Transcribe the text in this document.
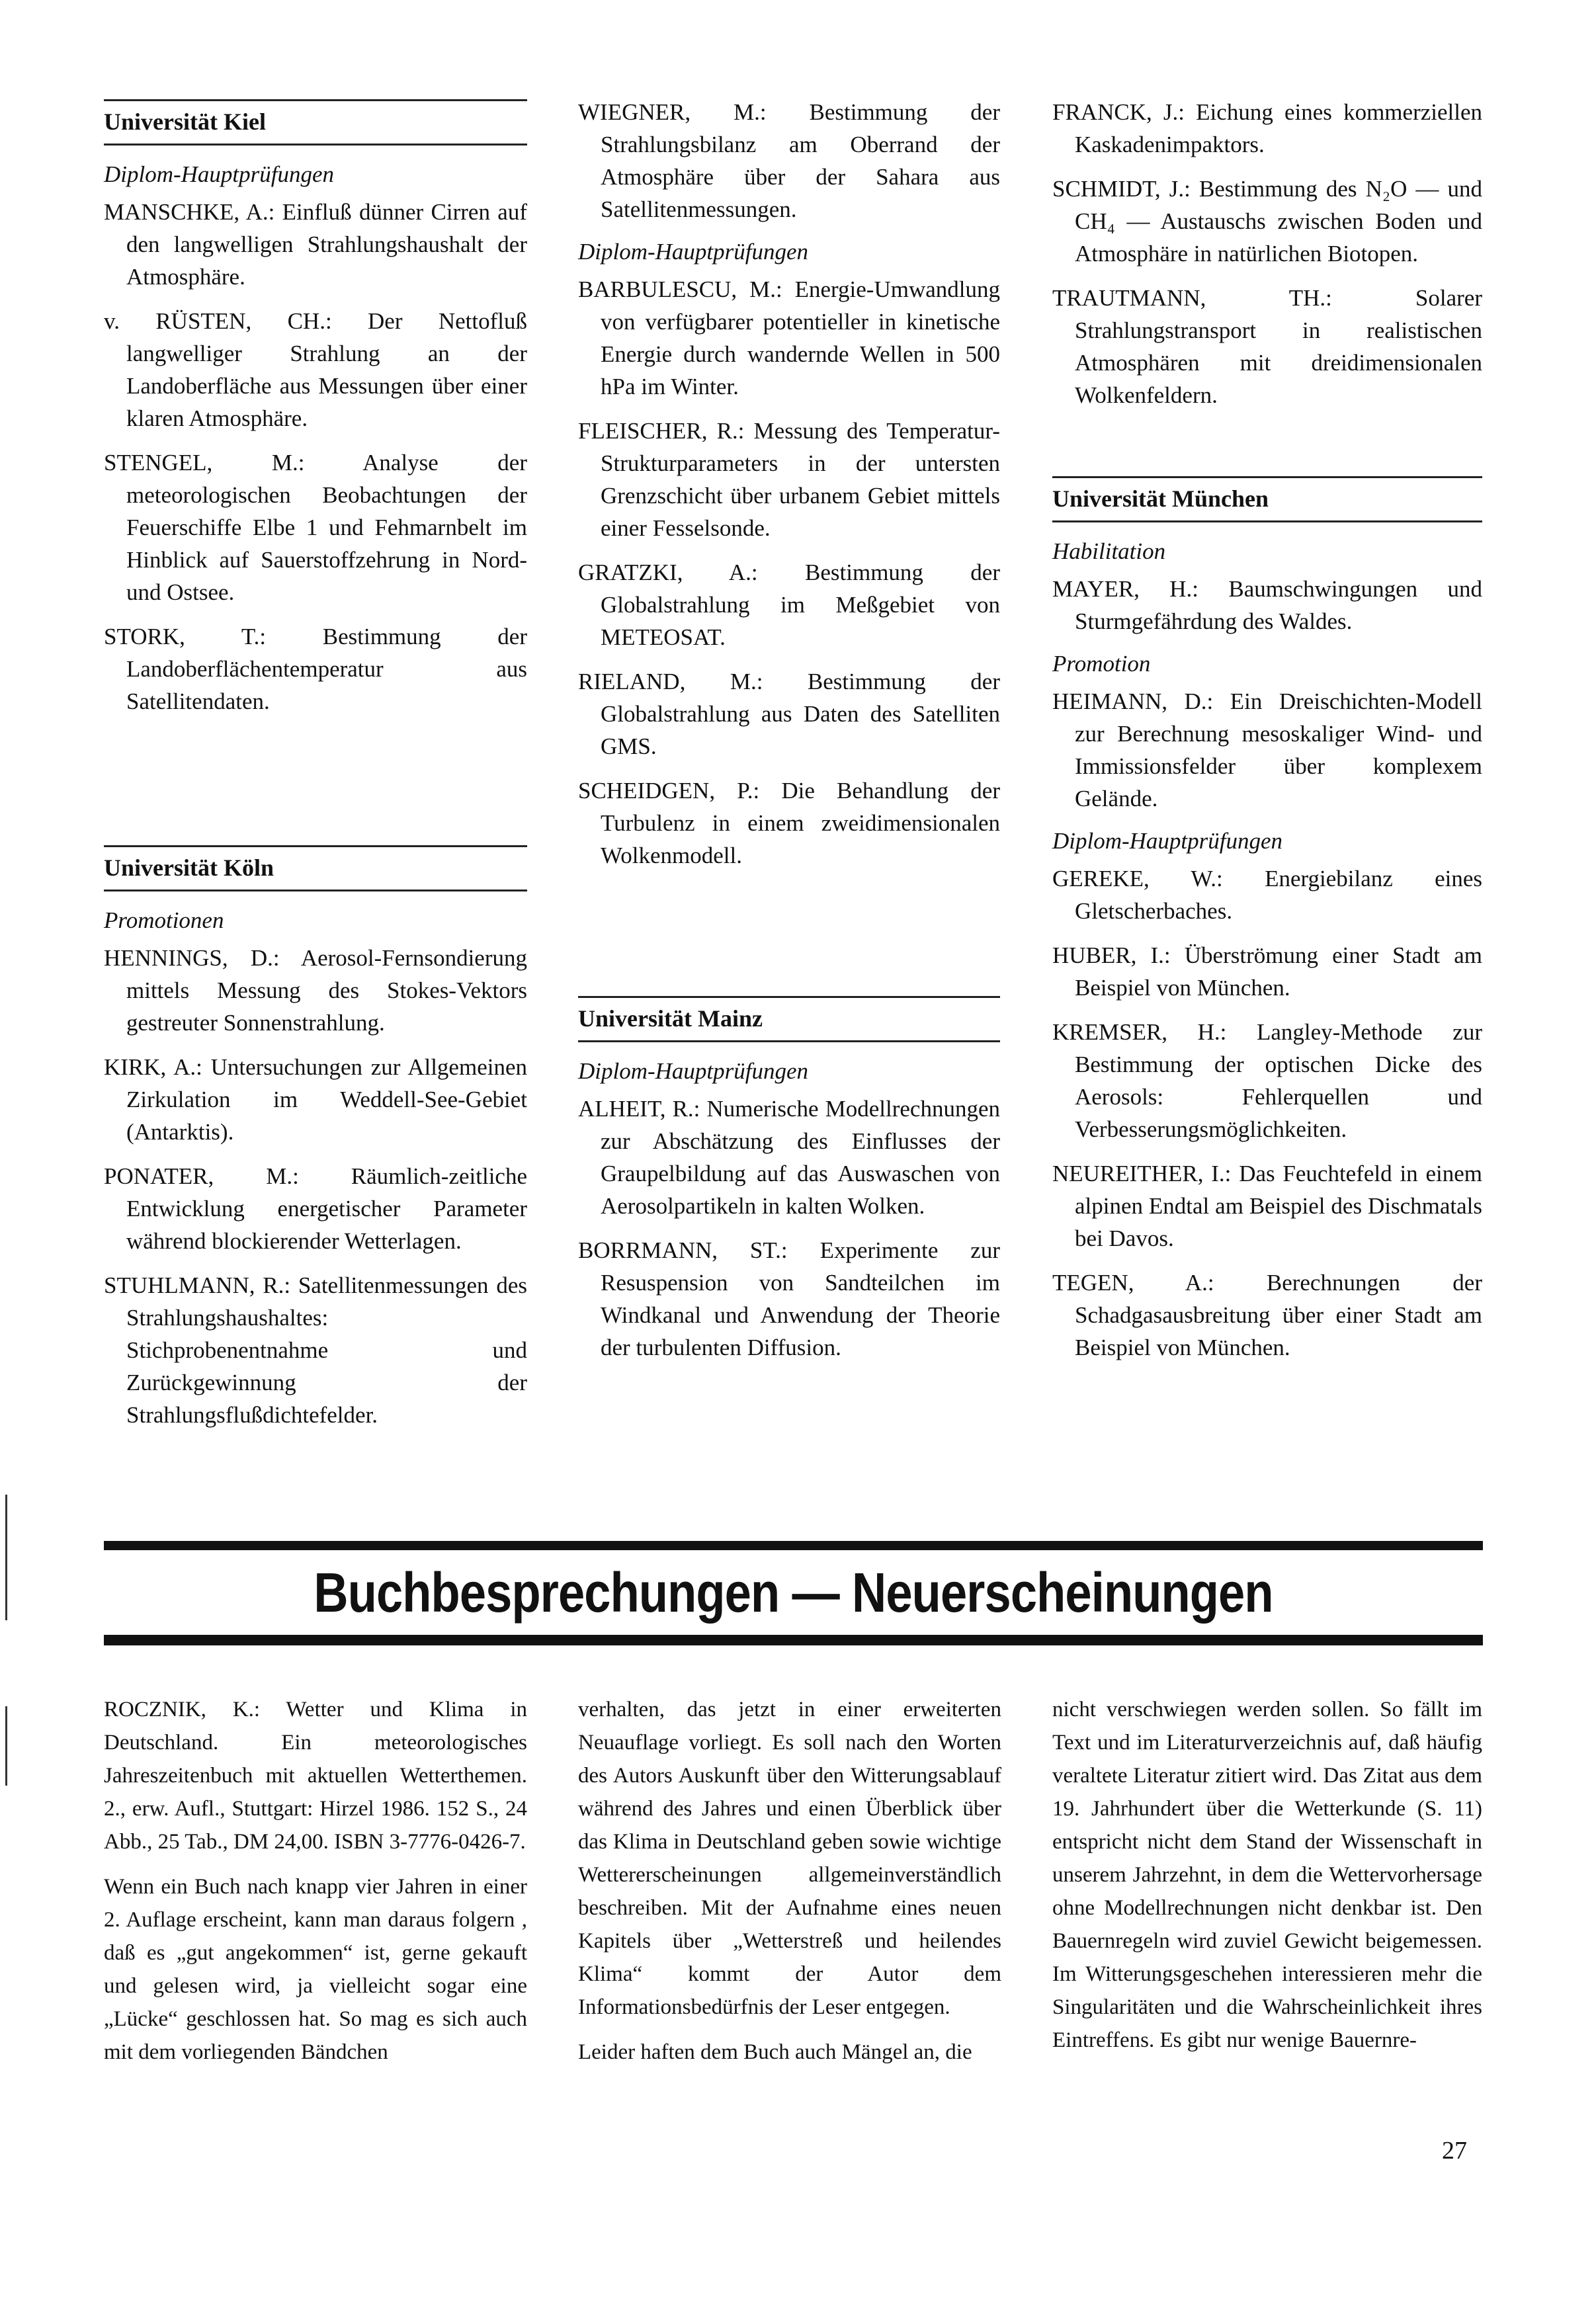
Universität Kiel
Diplom-Hauptprüfungen
MANSCHKE, A.: Einfluß dünner Cirren auf den langwelligen Strahlungshaushalt der Atmosphäre.
v. RÜSTEN, CH.: Der Nettofluß langwelliger Strahlung an der Landoberfläche aus Messungen über einer klaren Atmosphäre.
STENGEL, M.: Analyse der meteorologischen Beobachtungen der Feuerschiffe Elbe 1 und Fehmarnbelt im Hinblick auf Sauerstoffzehrung in Nord- und Ostsee.
STORK, T.: Bestimmung der Landoberflächentemperatur aus Satellitendaten.
Universität Köln
Promotionen
HENNINGS, D.: Aerosol-Fernsondierung mittels Messung des Stokes-Vektors gestreuter Sonnenstrahlung.
KIRK, A.: Untersuchungen zur Allgemeinen Zirkulation im Weddell-See-Gebiet (Antarktis).
PONATER, M.: Räumlich-zeitliche Entwicklung energetischer Parameter während blockierender Wetterlagen.
STUHLMANN, R.: Satellitenmessungen des Strahlungshaushaltes: Stichprobenentnahme und Zurückgewinnung der Strahlungsflußdichtefelder.
WIEGNER, M.: Bestimmung der Strahlungsbilanz am Oberrand der Atmosphäre über der Sahara aus Satellitenmessungen.
Diplom-Hauptprüfungen
BARBULESCU, M.: Energie-Umwandlung von verfügbarer potentieller in kinetische Energie durch wandernde Wellen in 500 hPa im Winter.
FLEISCHER, R.: Messung des Temperatur-Strukturparameters in der untersten Grenzschicht über urbanem Gebiet mittels einer Fesselsonde.
GRATZKI, A.: Bestimmung der Globalstrahlung im Meßgebiet von METEOSAT.
RIELAND, M.: Bestimmung der Globalstrahlung aus Daten des Satelliten GMS.
SCHEIDGEN, P.: Die Behandlung der Turbulenz in einem zweidimensionalen Wolkenmodell.
Universität Mainz
Diplom-Hauptprüfungen
ALHEIT, R.: Numerische Modellrechnungen zur Abschätzung des Einflusses der Graupelbildung auf das Auswaschen von Aerosolpartikeln in kalten Wolken.
BORRMANN, ST.: Experimente zur Resuspension von Sandteilchen im Windkanal und Anwendung der Theorie der turbulenten Diffusion.
FRANCK, J.: Eichung eines kommerziellen Kaskadenimpaktors.
SCHMIDT, J.: Bestimmung des N₂O — und CH₄ — Austauschs zwischen Boden und Atmosphäre in natürlichen Biotopen.
TRAUTMANN, TH.: Solarer Strahlungstransport in realistischen Atmosphären mit dreidimensionalen Wolkenfeldern.
Universität München
Habilitation
MAYER, H.: Baumschwingungen und Sturmgefährdung des Waldes.
Promotion
HEIMANN, D.: Ein Dreischichten-Modell zur Berechnung mesoskaliger Wind- und Immissionsfelder über komplexem Gelände.
Diplom-Hauptprüfungen
GEREKE, W.: Energiebilanz eines Gletscherbaches.
HUBER, I.: Überströmung einer Stadt am Beispiel von München.
KREMSER, H.: Langley-Methode zur Bestimmung der optischen Dicke des Aerosols: Fehlerquellen und Verbesserungsmöglichkeiten.
NEUREITHER, I.: Das Feuchtefeld in einem alpinen Endtal am Beispiel des Dischmatals bei Davos.
TEGEN, A.: Berechnungen der Schadgasausbreitung über einer Stadt am Beispiel von München.
Buchbesprechungen — Neuerscheinungen

ROCZNIK, K.: Wetter und Klima in Deutschland. Ein meteorologisches Jahreszeitenbuch mit aktuellen Wetterthemen. 2., erw. Aufl., Stuttgart: Hirzel 1986. 152 S., 24 Abb., 25 Tab., DM 24,00. ISBN 3-7776-0426-7.

Wenn ein Buch nach knapp vier Jahren in einer 2. Auflage erscheint, kann man daraus folgern , daß es „gut angekommen“ ist, gerne gekauft und gelesen wird, ja vielleicht sogar eine „Lücke“ geschlossen hat. So mag es sich auch mit dem vorliegenden Bändchen

verhalten, das jetzt in einer erweiterten Neuauflage vorliegt. Es soll nach den Worten des Autors Auskunft über den Witterungsablauf während des Jahres und einen Überblick über das Klima in Deutschland geben sowie wichtige Wettererscheinungen allgemeinverständlich beschreiben. Mit der Aufnahme eines neuen Kapitels über „Wetterstreß und heilendes Klima“ kommt der Autor dem Informationsbedürfnis der Leser entgegen.

Leider haften dem Buch auch Mängel an, die

nicht verschwiegen werden sollen. So fällt im Text und im Literaturverzeichnis auf, daß häufig veraltete Literatur zitiert wird. Das Zitat aus dem 19. Jahrhundert über die Wetterkunde (S. 11) entspricht nicht dem Stand der Wissenschaft in unserem Jahrzehnt, in dem die Wettervorhersage ohne Modellrechnungen nicht denkbar ist. Den Bauernregeln wird zuviel Gewicht beigemessen. Im Witterungsgeschehen interessieren mehr die Singularitäten und die Wahrscheinlichkeit ihres Eintreffens. Es gibt nur wenige Bauernre-

27
